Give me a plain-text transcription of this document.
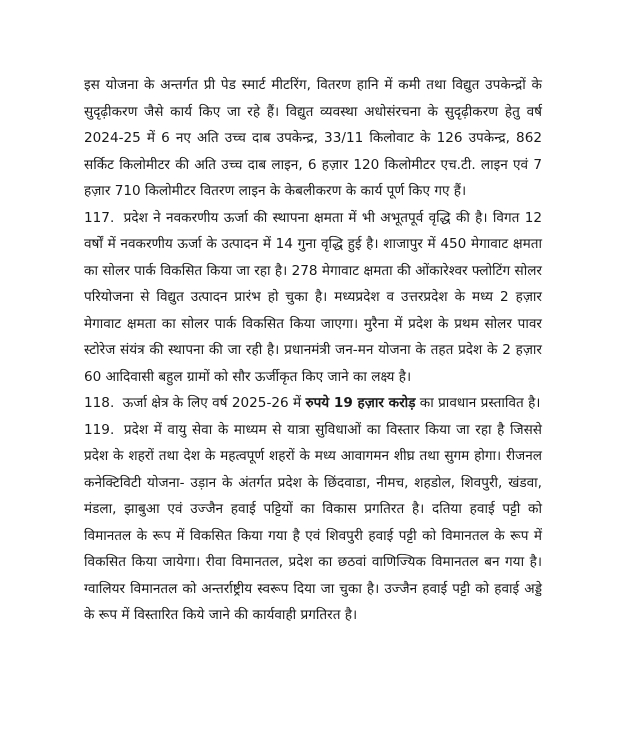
इस योजना के अन्तर्गत प्री पेड स्मार्ट मीटरिंग, वितरण हानि में कमी तथा विद्युत उपकेन्द्रों के सुदृढ़ीकरण जैसे कार्य किए जा रहे हैं। विद्युत व्यवस्था अधोसंरचना के सुदृढ़ीकरण हेतु वर्ष 2024-25 में 6 नए अति उच्च दाब उपकेन्द्र, 33/11 किलोवाट के 126 उपकेन्द्र, 862 सर्किट किलोमीटर की अति उच्च दाब लाइन, 6 हज़ार 120 किलोमीटर एच.टी. लाइन एवं 7 हज़ार 710 किलोमीटर वितरण लाइन के केबलीकरण के कार्य पूर्ण किए गए हैं।

117. प्रदेश ने नवकरणीय ऊर्जा की स्थापना क्षमता में भी अभूतपूर्व वृद्धि की है। विगत 12 वर्षों में नवकरणीय ऊर्जा के उत्पादन में 14 गुना वृद्धि हुई है। शाजापुर में 450 मेगावाट क्षमता का सोलर पार्क विकसित किया जा रहा है। 278 मेगावाट क्षमता की ओंकारेश्वर फ्लोटिंग सोलर परियोजना से विद्युत उत्पादन प्रारंभ हो चुका है। मध्यप्रदेश व उत्तरप्रदेश के मध्य 2 हज़ार मेगावाट क्षमता का सोलर पार्क विकसित किया जाएगा। मुरैना में प्रदेश के प्रथम सोलर पावर स्टोरेज संयंत्र की स्थापना की जा रही है। प्रधानमंत्री जन-मन योजना के तहत प्रदेश के 2 हज़ार 60 आदिवासी बहुल ग्रामों को सौर ऊर्जीकृत किए जाने का लक्ष्य है।

118. ऊर्जा क्षेत्र के लिए वर्ष 2025-26 में रुपये 19 हज़ार करोड़ का प्रावधान प्रस्तावित है।

119. प्रदेश में वायु सेवा के माध्यम से यात्रा सुविधाओं का विस्तार किया जा रहा है जिससे प्रदेश के शहरों तथा देश के महत्वपूर्ण शहरों के मध्य आवागमन शीघ्र तथा सुगम होगा। रीजनल कनेक्टिविटी योजना- उड़ान के अंतर्गत प्रदेश के छिंदवाडा, नीमच, शहडोल, शिवपुरी, खंडवा, मंडला, झाबुआ एवं उज्जैन हवाई पट्टियों का विकास प्रगतिरत है। दतिया हवाई पट्टी को विमानतल के रूप में विकसित किया गया है एवं शिवपुरी हवाई पट्टी को विमानतल के रूप में विकसित किया जायेगा। रीवा विमानतल, प्रदेश का छठवां वाणिज्यिक विमानतल बन गया है। ग्वालियर विमानतल को अन्तर्राष्ट्रीय स्वरूप दिया जा चुका है। उज्जैन हवाई पट्टी को हवाई अड्डे के रूप में विस्तारित किये जाने की कार्यवाही प्रगतिरत है।
